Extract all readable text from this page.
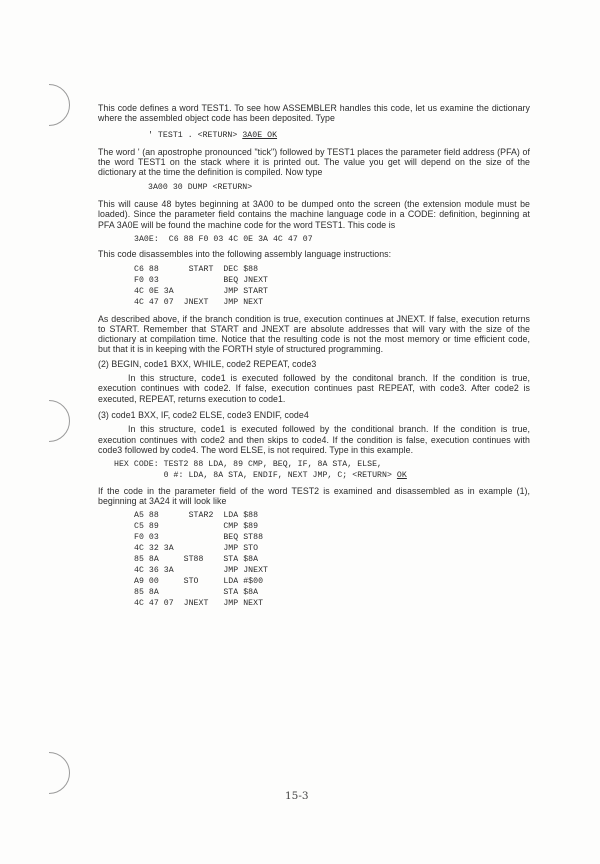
This code defines a word TEST1. To see how ASSEMBLER handles this code, let us examine the dictionary where the assembled object code has been deposited. Type

' TEST1 . <RETURN> 3A0E OK

The word ' (an apostrophe pronounced "tick") followed by TEST1 places the parameter field address (PFA) of the word TEST1 on the stack where it is printed out. The value you get will depend on the size of the dictionary at the time the definition is compiled. Now type

3A00 30 DUMP <RETURN>

This will cause 48 bytes beginning at 3A00 to be dumped onto the screen (the extension module must be loaded). Since the parameter field contains the machine language code in a CODE: definition, beginning at PFA 3A0E will be found the machine code for the word TEST1. This code is

3A0E:  C6 88 F0 03 4C 0E 3A 4C 47 07

This code disassembles into the following assembly language instructions:

C6 88      START  DEC $88
F0 03             BEQ JNEXT
4C 0E 3A          JMP START
4C 47 07  JNEXT   JMP NEXT

As described above, if the branch condition is true, execution continues at JNEXT. If false, execution returns to START. Remember that START and JNEXT are absolute addresses that will vary with the size of the dictionary at compilation time. Notice that the resulting code is not the most memory or time efficient code, but that it is in keeping with the FORTH style of structured programming.

(2) BEGIN, code1 BXX, WHILE, code2 REPEAT, code3

In this structure, code1 is executed followed by the conditonal branch. If the condition is true, execution continues with code2. If false, execution continues past REPEAT, with code3. After code2 is executed, REPEAT, returns execution to code1.

(3) code1 BXX, IF, code2 ELSE, code3 ENDIF, code4

In this structure, code1 is executed followed by the conditional branch. If the condition is true, execution continues with code2 and then skips to code4. If the condition is false, execution continues with code3 followed by code4. The word ELSE, is not required. Type in this example.

HEX CODE: TEST2 88 LDA, 89 CMP, BEQ, IF, 8A STA, ELSE,
0 #: LDA, 8A STA, ENDIF, NEXT JMP, C; <RETURN> OK

If the code in the parameter field of the word TEST2 is examined and disassembled as in example (1), beginning at 3A24 it will look like

A5 88      STAR2  LDA $88
C5 89             CMP $89
F0 03             BEQ ST88
4C 32 3A          JMP STO
85 8A     ST88    STA $8A
4C 36 3A          JMP JNEXT
A9 00     STO     LDA #$00
85 8A             STA $8A
4C 47 07  JNEXT   JMP NEXT
15-3
